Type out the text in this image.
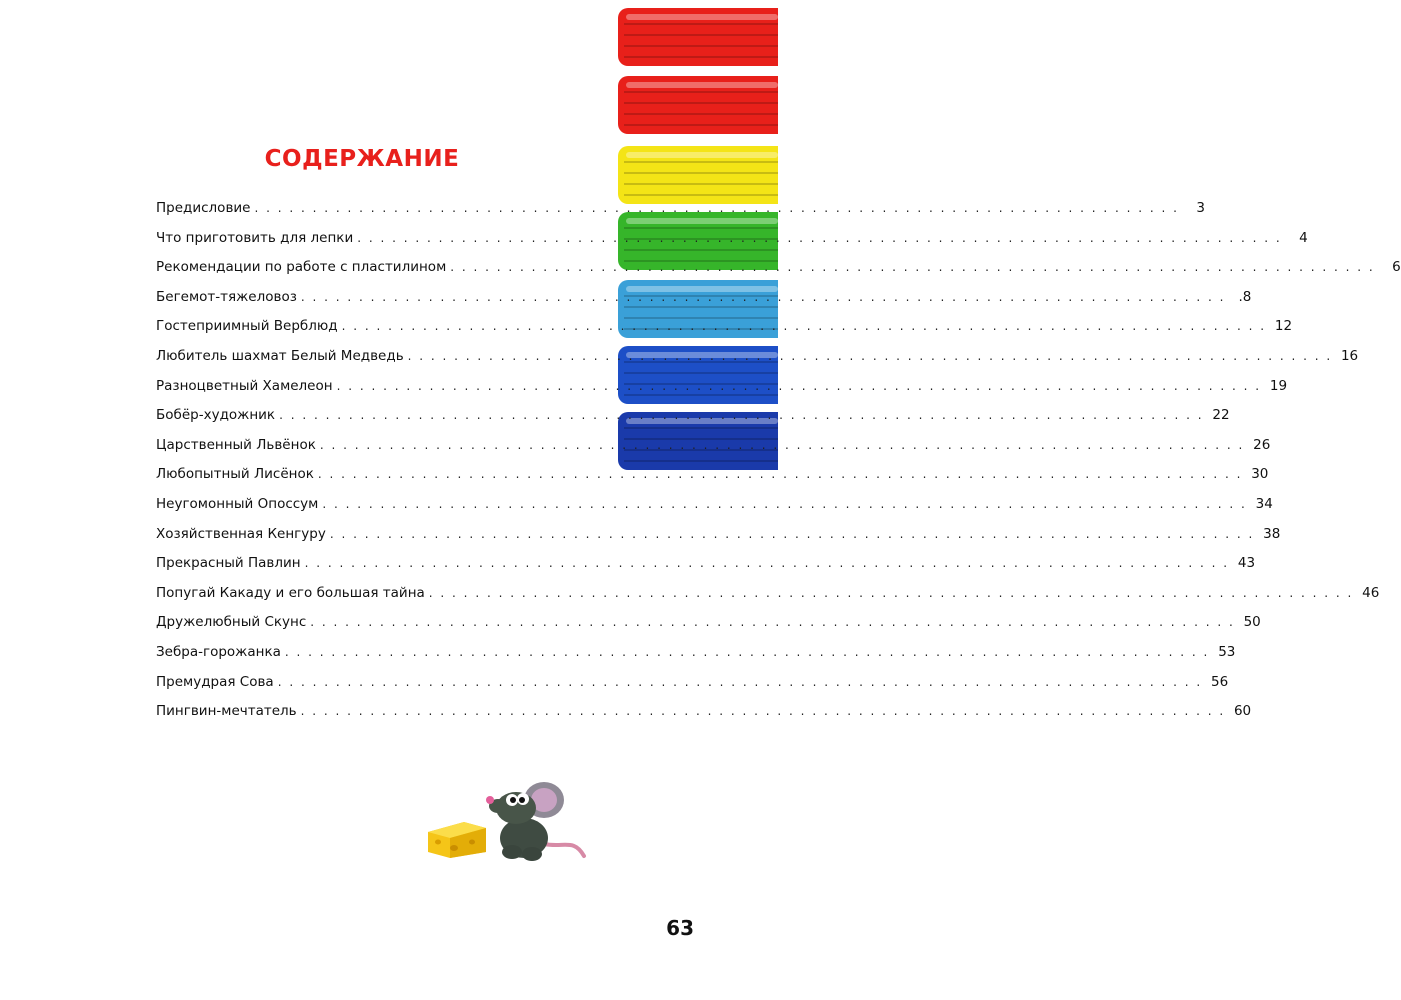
СОДЕРЖАНИЕ
Предисловие . . . . . . . . . . . . . . . . . . . . . . . . . . . . . . . . . . . . . . . . . . . . . . . . . . . . . . . . . . . . . . . . . . . . . . . . . . . . . . . .	3
Что приготовить для лепки . . . . . . . . . . . . . . . . . . . . . . . . . . . . . . . . . . . . . . . . . . . . . . . . . . . . . . . . . . . . . . . . . . . . . . . . . . . . . . . .	4
Рекомендации по работе с пластилином . . . . . . . . . . . . . . . . . . . . . . . . . . . . . . . . . . . . . . . . . . . . . . . . . . . . . . . . . . . . . . . . . . . . . . . . . . . . . . . .	6
Бегемот-тяжеловоз . . . . . . . . . . . . . . . . . . . . . . . . . . . . . . . . . . . . . . . . . . . . . . . . . . . . . . . . . . . . . . . . . . . . . . . . . . . . . . . . .8
Гостеприимный Верблюд . . . . . . . . . . . . . . . . . . . . . . . . . . . . . . . . . . . . . . . . . . . . . . . . . . . . . . . . . . . . . . . . . . . . . . . . . . . . . . . . 12
Любитель шахмат Белый Медведь . . . . . . . . . . . . . . . . . . . . . . . . . . . . . . . . . . . . . . . . . . . . . . . . . . . . . . . . . . . . . . . . . . . . . . . . . . . . . . . . 16
Разноцветный Хамелеон . . . . . . . . . . . . . . . . . . . . . . . . . . . . . . . . . . . . . . . . . . . . . . . . . . . . . . . . . . . . . . . . . . . . . . . . . . . . . . . . 19
Бобёр-художник . . . . . . . . . . . . . . . . . . . . . . . . . . . . . . . . . . . . . . . . . . . . . . . . . . . . . . . . . . . . . . . . . . . . . . . . . . . . . . . . 22
Царственный Львёнок . . . . . . . . . . . . . . . . . . . . . . . . . . . . . . . . . . . . . . . . . . . . . . . . . . . . . . . . . . . . . . . . . . . . . . . . . . . . . . . . 26
Любопытный Лисёнок . . . . . . . . . . . . . . . . . . . . . . . . . . . . . . . . . . . . . . . . . . . . . . . . . . . . . . . . . . . . . . . . . . . . . . . . . . . . . . . . 30
Неугомонный Опоссум . . . . . . . . . . . . . . . . . . . . . . . . . . . . . . . . . . . . . . . . . . . . . . . . . . . . . . . . . . . . . . . . . . . . . . . . . . . . . . . . 34
Хозяйственная Кенгуру . . . . . . . . . . . . . . . . . . . . . . . . . . . . . . . . . . . . . . . . . . . . . . . . . . . . . . . . . . . . . . . . . . . . . . . . . . . . . . . . 38
Прекрасный Павлин . . . . . . . . . . . . . . . . . . . . . . . . . . . . . . . . . . . . . . . . . . . . . . . . . . . . . . . . . . . . . . . . . . . . . . . . . . . . . . . . 43
Попугай Какаду и его большая тайна . . . . . . . . . . . . . . . . . . . . . . . . . . . . . . . . . . . . . . . . . . . . . . . . . . . . . . . . . . . . . . . . . . . . . . . . . . . . . . . . 46
Дружелюбный Скунс . . . . . . . . . . . . . . . . . . . . . . . . . . . . . . . . . . . . . . . . . . . . . . . . . . . . . . . . . . . . . . . . . . . . . . . . . . . . . . . . 50
Зебра-горожанка . . . . . . . . . . . . . . . . . . . . . . . . . . . . . . . . . . . . . . . . . . . . . . . . . . . . . . . . . . . . . . . . . . . . . . . . . . . . . . . . 53
Премудрая Сова . . . . . . . . . . . . . . . . . . . . . . . . . . . . . . . . . . . . . . . . . . . . . . . . . . . . . . . . . . . . . . . . . . . . . . . . . . . . . . . . 56
Пингвин-мечтатель . . . . . . . . . . . . . . . . . . . . . . . . . . . . . . . . . . . . . . . . . . . . . . . . . . . . . . . . . . . . . . . . . . . . . . . . . . . . . . . . 60
63
